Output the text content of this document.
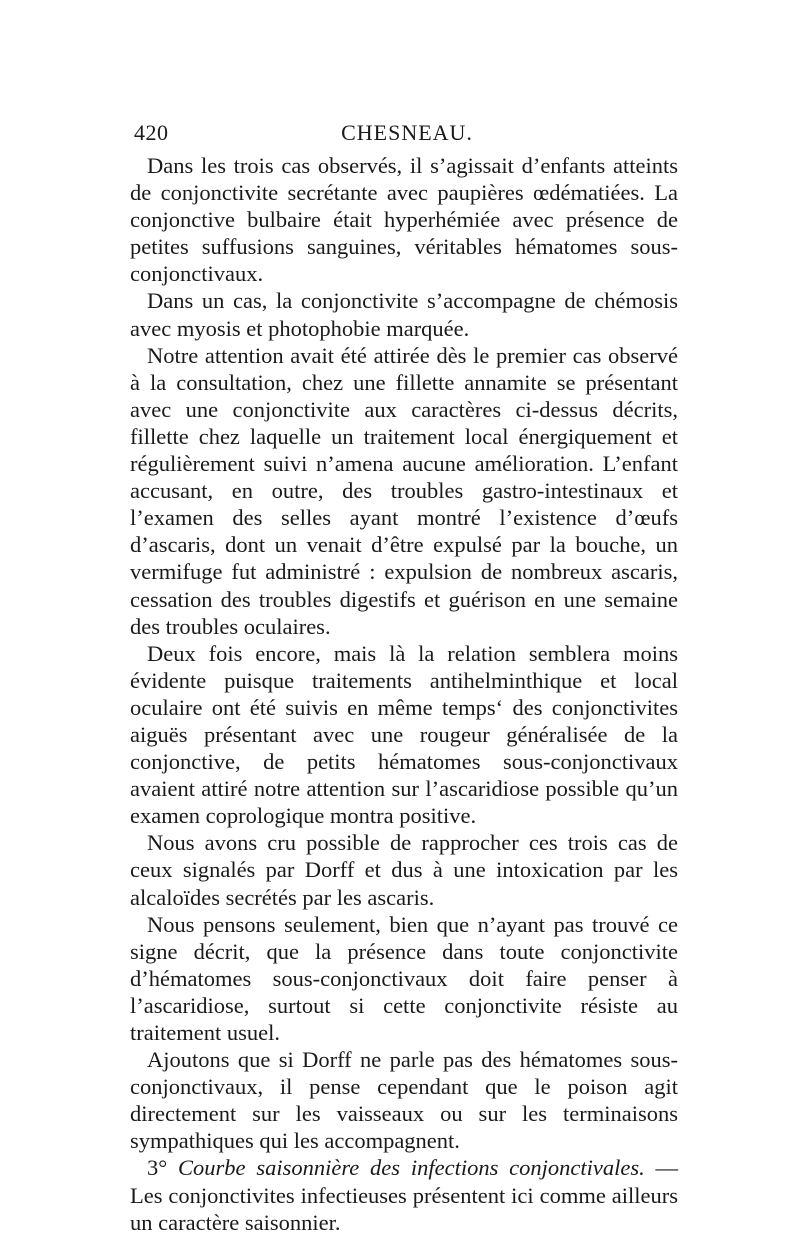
420	CHESNEAU.

Dans les trois cas observés, il s’agissait d’enfants atteints de conjonctivite secrétante avec paupières œdématiées. La conjonctive bulbaire était hyperhémiée avec présence de petites suffusions sanguines, véritables hématomes sous-conjonctivaux.

Dans un cas, la conjonctivite s’accompagne de chémosis avec myosis et photophobie marquée.

Notre attention avait été attirée dès le premier cas observé à la consultation, chez une fillette annamite se présentant avec une conjonctivite aux caractères ci-dessus décrits, fillette chez laquelle un traitement local énergiquement et régulièrement suivi n’amena aucune amélioration. L’enfant accusant, en outre, des troubles gastro-intestinaux et l’examen des selles ayant montré l’existence d’œufs d’ascaris, dont un venait d’être expulsé par la bouche, un vermifuge fut administré : expulsion de nombreux ascaris, cessation des troubles digestifs et guérison en une semaine des troubles oculaires.

Deux fois encore, mais là la relation semblera moins évidente puisque traitements antihelminthique et local oculaire ont été suivis en même temps‘ des conjonctivites aiguës présentant avec une rougeur généralisée de la conjonctive, de petits hématomes sous-conjonctivaux avaient attiré notre attention sur l’ascaridiose possible qu’un examen coprologique montra positive.

Nous avons cru possible de rapprocher ces trois cas de ceux signalés par Dorff et dus à une intoxication par les alcaloïdes secrétés par les ascaris.

Nous pensons seulement, bien que n’ayant pas trouvé ce signe décrit, que la présence dans toute conjonctivite d’hématomes sous-conjonctivaux doit faire penser à l’ascaridiose, surtout si cette conjonctivite résiste au traitement usuel.

Ajoutons que si Dorff ne parle pas des hématomes sous-conjonctivaux, il pense cependant que le poison agit directement sur les vaisseaux ou sur les terminaisons sympathiques qui les accompagnent.

3° Courbe saisonnière des infections conjonctivales. — Les conjonctivites infectieuses présentent ici comme ailleurs un caractère saisonnier.
